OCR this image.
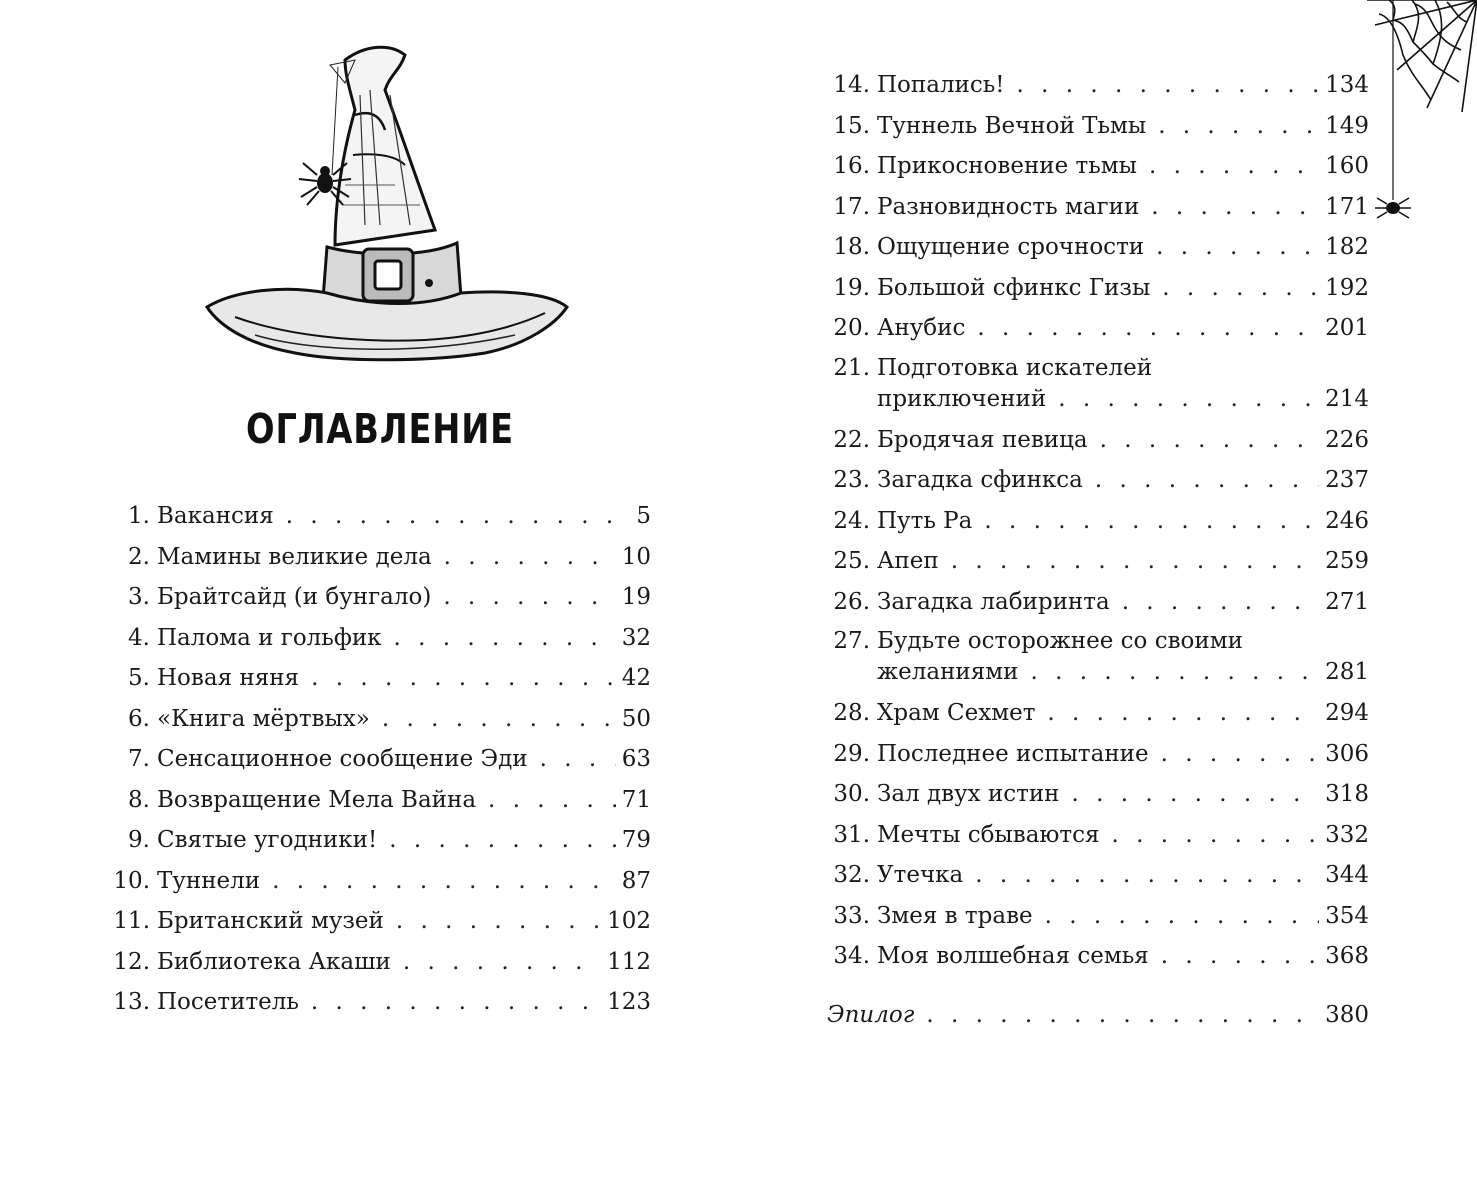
ОГЛАВЛЕНИЕ
1. Вакансия . . .	5
2. Мамины великие дела . . .	10
3. Брайтсайд (и бунгало) . . .	19
4. Палома и гольфик . . .	32
5. Новая няня . . .	42
6. «Книга мёртвых» . . .	50
7. Сенсационное сообщение Эди . . .	63
8. Возвращение Мела Вайна . . .	71
9. Святые угодники! . . .	79
10. Туннели . . .	87
11. Британский музей . . .	102
12. Библиотека Акаши . . .	112
13. Посетитель . . .	123
14. Попались! . . .	134
15. Туннель Вечной Тьмы . . .	149
16. Прикосновение тьмы . . .	160
17. Разновидность магии . . .	171
18. Ощущение срочности . . .	182
19. Большой сфинкс Гизы . . .	192
20. Анубис . . .	201
21. Подготовка искателей
приключений . . .	214
22. Бродячая певица . . .	226
23. Загадка сфинкса . . .	237
24. Путь Ра . . .	246
25. Апеп . . .	259
26. Загадка лабиринта . . .	271
27. Будьте осторожнее со своими
желаниями . . .	281
28. Храм Сехмет . . .	294
29. Последнее испытание . . .	306
30. Зал двух истин . . .	318
31. Мечты сбываются . . .	332
32. Утечка . . .	344
33. Змея в траве . . .	354
34. Моя волшебная семья . . .	368
Эпилог . . .	380
